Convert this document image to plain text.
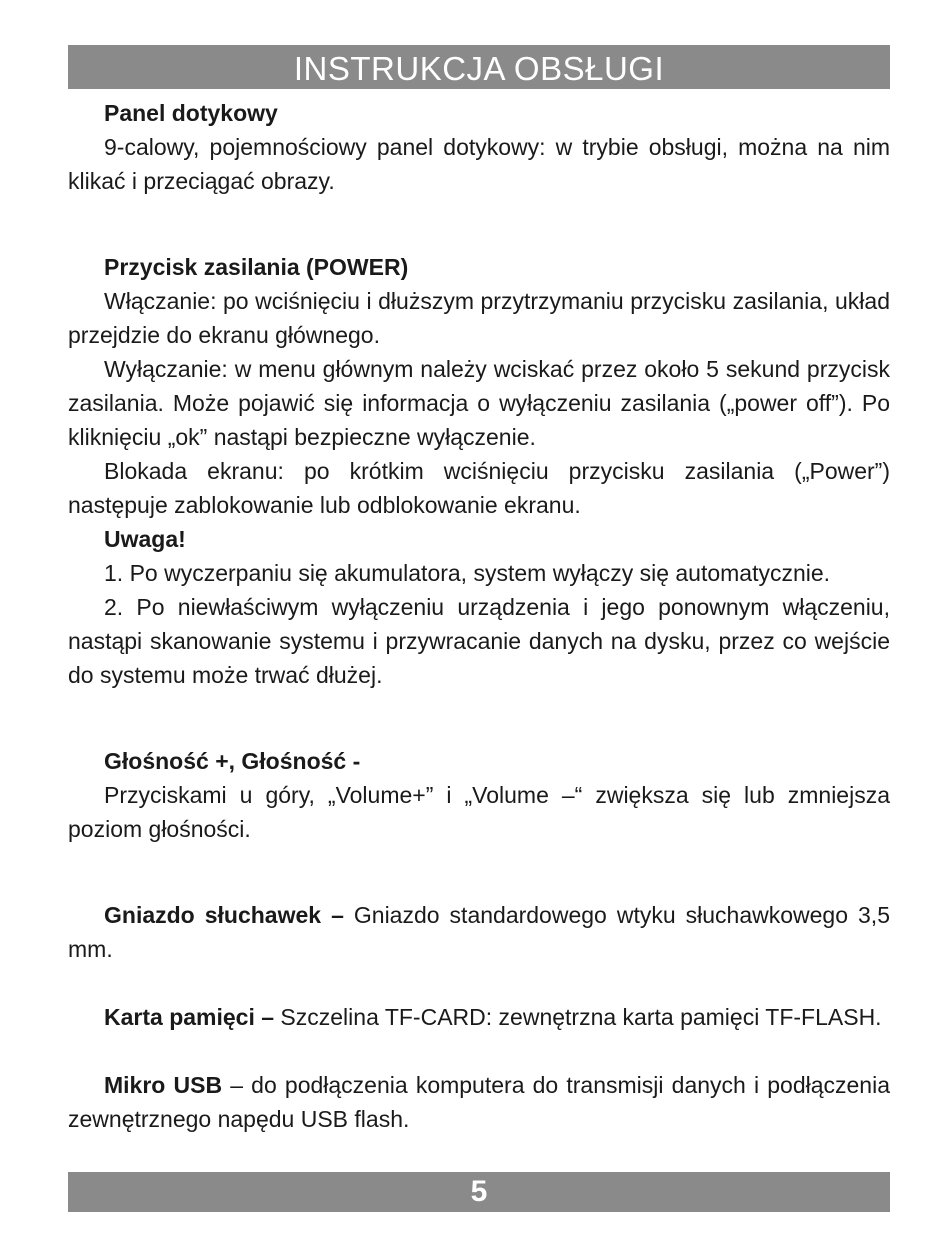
INSTRUKCJA OBSŁUGI
Panel dotykowy

9-calowy, pojemnościowy panel dotykowy: w trybie obsługi, można na nim klikać i przeciągać obrazy.

Przycisk zasilania (POWER)

Włączanie: po wciśnięciu i dłuższym przytrzymaniu przycisku zasilania, układ przejdzie do ekranu głównego.

Wyłączanie: w menu głównym należy wciskać przez około 5 sekund przycisk zasilania. Może pojawić się informacja o wyłączeniu zasilania („power off”). Po kliknięciu „ok” nastąpi bezpieczne wyłączenie.

Blokada ekranu: po krótkim wciśnięciu przycisku zasilania („Power”) następuje zablokowanie lub odblokowanie ekranu.

Uwaga!

1. Po wyczerpaniu się akumulatora, system wyłączy się automatycznie.

2. Po niewłaściwym wyłączeniu urządzenia i jego ponownym włączeniu, nastąpi skanowanie systemu i przywracanie danych na dysku, przez co wejście do systemu może trwać dłużej.

Głośność +, Głośność -

Przyciskami u góry, „Volume+” i „Volume –“ zwiększa się lub zmniejsza poziom głośności.

Gniazdo słuchawek – Gniazdo standardowego wtyku słuchawkowego 3,5 mm.

Karta pamięci – Szczelina TF-CARD: zewnętrzna karta pamięci TF-FLASH.

Mikro USB – do podłączenia komputera do transmisji danych i podłączenia zewnętrznego napędu USB flash.

5
